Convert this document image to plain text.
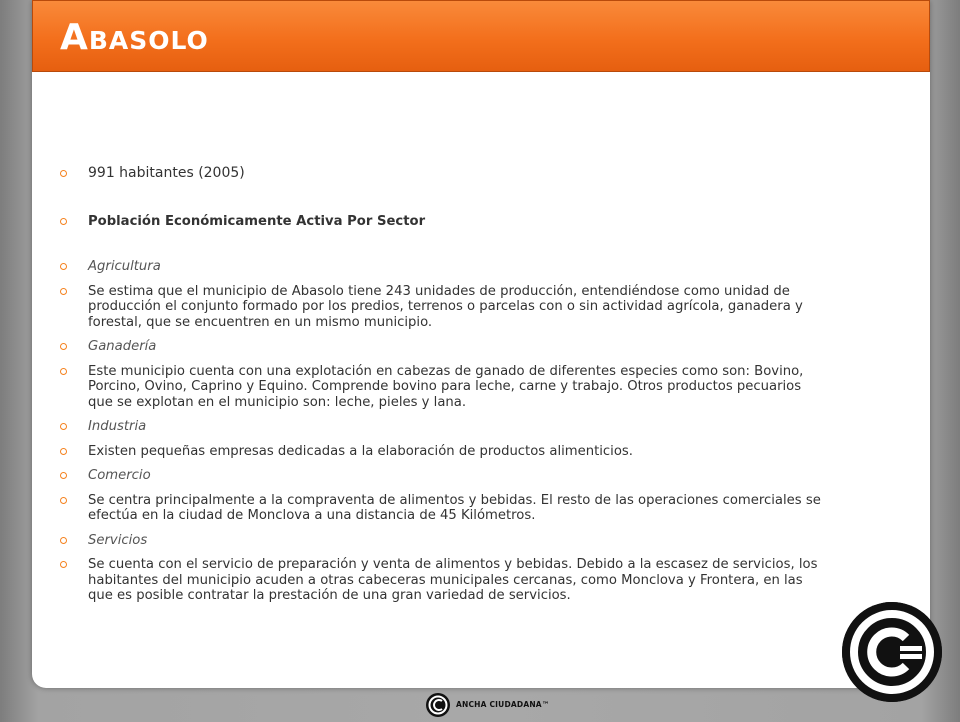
Abasolo
991 habitantes (2005)
Población Económicamente Activa Por Sector
Agricultura
Se estima que el municipio de Abasolo tiene 243 unidades de producción, entendiéndose como unidad de producción el conjunto formado por los predios, terrenos o parcelas con o sin actividad agrícola, ganadera y forestal, que se encuentren en un mismo municipio.
Ganadería
Este municipio cuenta con una explotación en cabezas de ganado de diferentes especies como son: Bovino, Porcino, Ovino, Caprino y Equino. Comprende bovino para leche, carne y trabajo. Otros productos pecuarios que se explotan en el municipio son: leche, pieles y lana.
Industria
Existen pequeñas empresas dedicadas a la elaboración de productos alimenticios.
Comercio
Se centra principalmente a la compraventa de alimentos y bebidas. El resto de las operaciones comerciales se efectúa en la ciudad de Monclova a una distancia de 45 Kilómetros.
Servicios
Se cuenta con el servicio de preparación y venta de alimentos y bebidas. Debido a la escasez de servicios, los habitantes del municipio acuden a otras cabeceras municipales cercanas, como Monclova y Frontera, en las que es posible contratar la prestación de una gran variedad de servicios.
ANCHA CIUDADANA™
